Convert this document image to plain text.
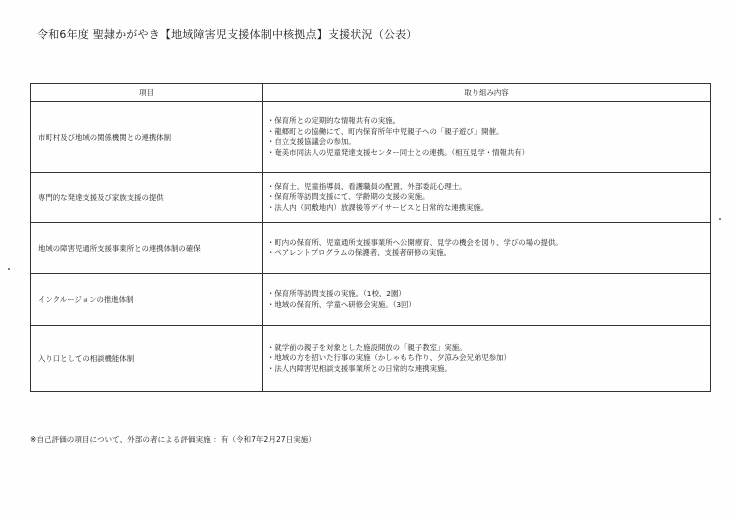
令和6年度 聖隷かがやき【地域障害児支援体制中核拠点】支援状況（公表）
項目	取り組み内容
市町村及び地域の関係機関との連携体制	・保育所との定期的な情報共有の実施。
・龍郷町との協働にて、町内保育所年中児親子への「親子遊び」開催。
・自立支援協議会の参加。
・奄美市同法人の児童発達支援センター同士との連携。（相互見学・情報共有）

専門的な発達支援及び家族支援の提供	・保育士、児童指導員、看護職員の配置、外部委託心理士。
・保育所等訪問支援にて、学齢期の支援の実施。
・法人内（同敷地内）放課後等デイサービスと日常的な連携実施。

地域の障害児通所支援事業所との連携体制の確保	・町内の保育所、児童通所支援事業所へ公開療育、見学の機会を図り、学びの場の提供。
・ペアレントプログラムの保護者、支援者研修の実施。

インクルージョンの推進体制	・保育所等訪問支援の実施。（1校、2園）
・地域の保育所、学童へ研修会実施。（3回）

入り口としての相談機能体制	・就学前の親子を対象とした施設開放の「親子教室」実施。
・地域の方を招いた行事の実施（かしゃもち作り、夕涼み会兄弟児参加）
・法人内障害児相談支援事業所との日常的な連携実施。
※自己評価の項目について、外部の者による評価実施 ：有（令和7年2月27日実施）
